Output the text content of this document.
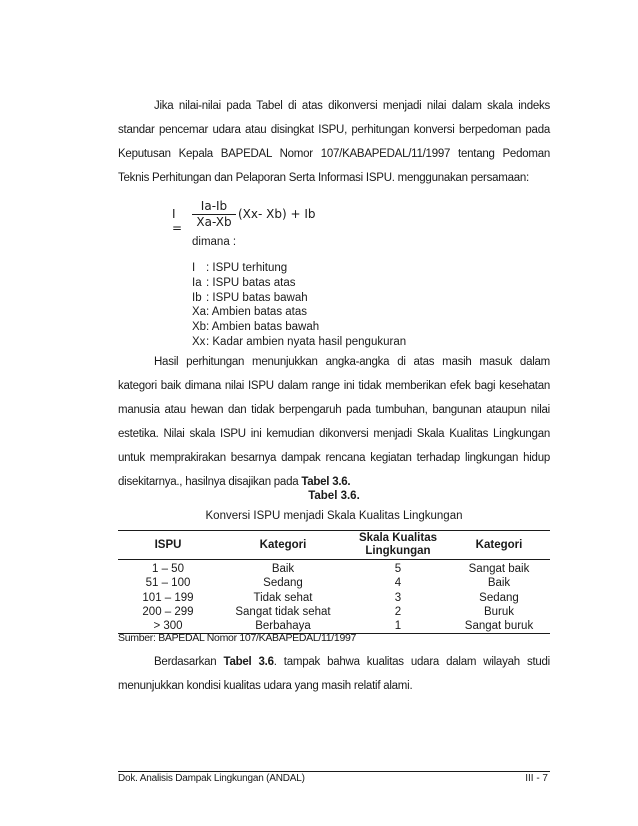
Jika nilai-nilai pada Tabel di atas dikonversi menjadi nilai dalam skala indeks standar pencemar udara atau disingkat ISPU, perhitungan konversi berpedoman pada Keputusan Kepala BAPEDAL Nomor 107/KABAPEDAL/11/1997 tentang Pedoman Teknis Perhitungan dan Pelaporan Serta Informasi ISPU. menggunakan persamaan:

$I = \frac{Ia-Ib}{Xa-Xb} (Xx-$ Xb) + Ib
dimana :
I : ISPU terhitung
Ia : ISPU batas atas
Ib : ISPU batas bawah
Xa: Ambien batas atas
Xb: Ambien batas bawah
Xx: Kadar ambien nyata hasil pengukuran

Hasil perhitungan menunjukkan angka-angka di atas masih masuk dalam kategori baik dimana nilai ISPU dalam range ini tidak memberikan efek bagi kesehatan manusia atau hewan dan tidak berpengaruh pada tumbuhan, bangunan ataupun nilai estetika. Nilai skala ISPU ini kemudian dikonversi menjadi Skala Kualitas Lingkungan untuk memprakirakan besarnya dampak rencana kegiatan terhadap lingkungan hidup disekitarnya., hasilnya disajikan pada Tabel 3.6.

Tabel 3.6.
Konversi ISPU menjadi Skala Kualitas Lingkungan
ISPU	Kategori	Skala Kualitas Lingkungan	Kategori
1 – 50	Baik	5	Sangat baik
51 – 100	Sedang	4	Baik
101 – 199	Tidak sehat	3	Sedang
200 – 299	Sangat tidak sehat	2	Buruk
> 300	Berbahaya	1	Sangat buruk
Sumber: BAPEDAL Nomor 107/KABAPEDAL/11/1997

Berdasarkan Tabel 3.6. tampak bahwa kualitas udara dalam wilayah studi menunjukkan kondisi kualitas udara yang masih relatif alami.

Dok. Analisis Dampak Lingkungan (ANDAL)	III - 7
